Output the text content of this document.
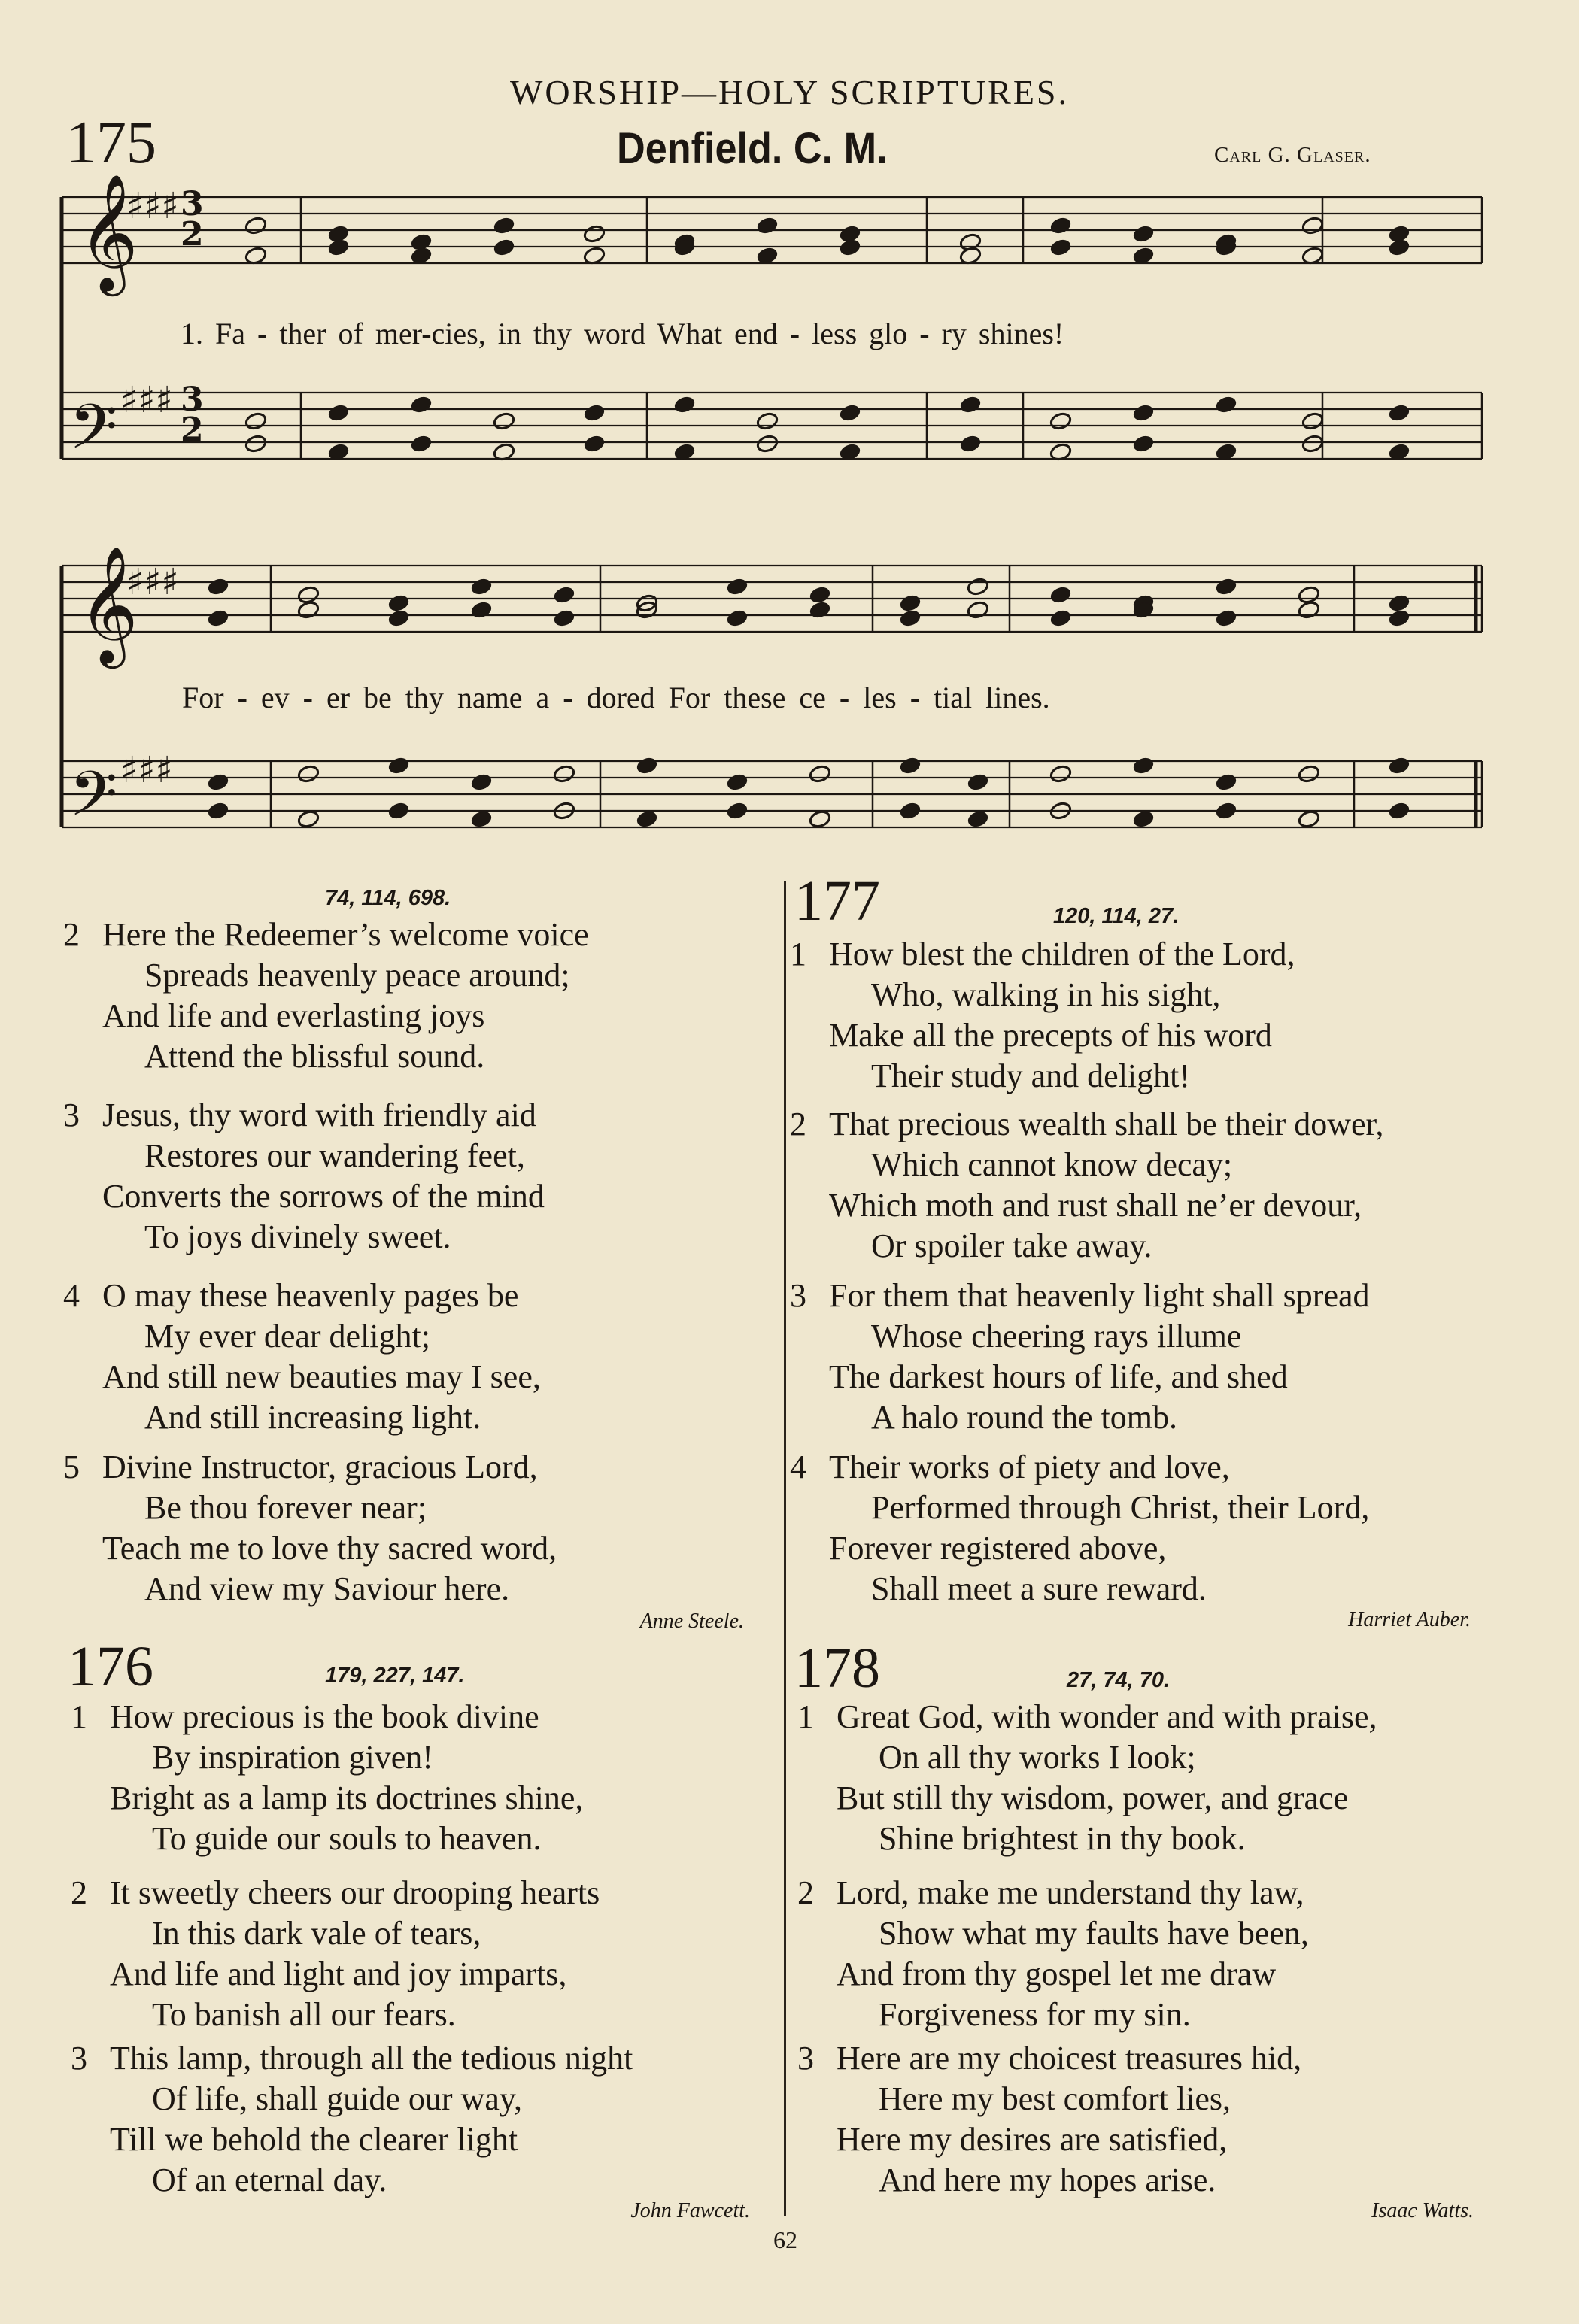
WORSHIP—HOLY SCRIPTURES.
175	Denfield. C. M.	Carl G. Glaser.
𝄞
𝄢
𝄞
𝄢
♯♯♯
♯♯♯
♯♯♯
♯♯♯
3
2
3
2
1. Fa - ther of mer-cies, in thy word What end - less glo - ry shines!
For - ev - er be thy name a - dored For these ce - les - tial lines.
74, 114, 698.
2 Here the Redeemer’s welcome voice
Spreads heavenly peace around;
And life and everlasting joys
Attend the blissful sound.
3 Jesus, thy word with friendly aid
Restores our wandering feet,
Converts the sorrows of the mind
To joys divinely sweet.
4 O may these heavenly pages be
My ever dear delight;
And still new beauties may I see,
And still increasing light.
5 Divine Instructor, gracious Lord,
Be thou forever near;
Teach me to love thy sacred word,
And view my Saviour here.
Anne Steele.
176	179, 227, 147.
1 How precious is the book divine
By inspiration given!
Bright as a lamp its doctrines shine,
To guide our souls to heaven.
2 It sweetly cheers our drooping hearts
In this dark vale of tears,
And life and light and joy imparts,
To banish all our fears.
3 This lamp, through all the tedious night
Of life, shall guide our way,
Till we behold the clearer light
Of an eternal day.
John Fawcett.
177	120, 114, 27.
1 How blest the children of the Lord,
Who, walking in his sight,
Make all the precepts of his word
Their study and delight!
2 That precious wealth shall be their dower,
Which cannot know decay;
Which moth and rust shall ne’er devour,
Or spoiler take away.
3 For them that heavenly light shall spread
Whose cheering rays illume
The darkest hours of life, and shed
A halo round the tomb.
4 Their works of piety and love,
Performed through Christ, their Lord,
Forever registered above,
Shall meet a sure reward.
Harriet Auber.
178	27, 74, 70.
1 Great God, with wonder and with praise,
On all thy works I look;
But still thy wisdom, power, and grace
Shine brightest in thy book.
2 Lord, make me understand thy law,
Show what my faults have been,
And from thy gospel let me draw
Forgiveness for my sin.
3 Here are my choicest treasures hid,
Here my best comfort lies,
Here my desires are satisfied,
And here my hopes arise.
Isaac Watts.
62
